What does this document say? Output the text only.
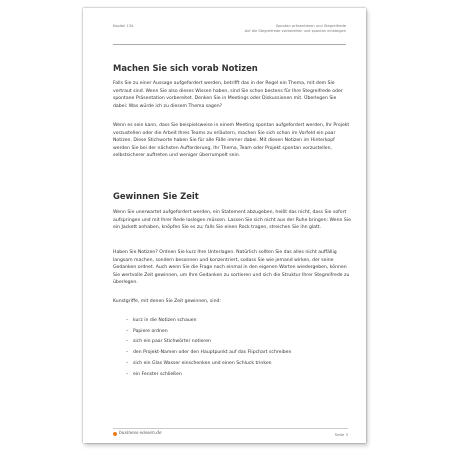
Kapitel 134	Spontan präsentieren und Stegreifrede
Auf die Stegreifrede vorbereiten und spontan einsteigen
Machen Sie sich vorab Notizen

Falls Sie zu einer Aussage aufgefordert werden, betrifft das in der Regel ein Thema, mit dem Sie vertraut sind. Wenn Sie also dieses Wissen haben, sind Sie schon bestens für Ihre Stegreifrede oder spontane Präsentation vorbereitet. Denken Sie in Meetings oder Diskussionen mit. Überlegen Sie dabei: Was würde ich zu diesem Thema sagen?

Wenn es sein kann, dass Sie beispielsweise in einem Meeting spontan aufgefordert werden, Ihr Projekt vorzustellen oder die Arbeit Ihres Teams zu erläutern, machen Sie sich schon im Vorfeld ein paar Notizen. Diese Stichworte haben Sie für alle Fälle immer dabei. Mit diesen Notizen im Hinterkopf werden Sie bei der nächsten Aufforderung, Ihr Thema, Team oder Projekt spontan vorzustellen, selbstsicherer auftreten und weniger überrumpelt sein.

Gewinnen Sie Zeit

Wenn Sie unerwartet aufgefordert werden, ein Statement abzugeben, heißt das nicht, dass Sie sofort aufspringen und mit Ihrer Rede loslegen müssen. Lassen Sie sich nicht aus der Ruhe bringen: Wenn Sie ein Jackett anhaben, knöpfen Sie es zu; falls Sie einen Rock tragen, streichen Sie ihn glatt.

Haben Sie Notizen? Ordnen Sie kurz Ihre Unterlagen. Natürlich sollten Sie das alles nicht auffällig langsam machen, sondern besonnen und konzentriert, sodass Sie wie jemand wirken, der seine Gedanken ordnet. Auch wenn Sie die Frage noch einmal in den eigenen Worten wiedergeben, können Sie wertvolle Zeit gewinnen, um Ihre Gedanken zu sortieren und sich die Struktur Ihrer Stegreifrede zu überlegen.

Kunstgriffe, mit denen Sie Zeit gewinnen, sind:

–	kurz in die Notizen schauen
–	Papiere ordnen
–	sich ein paar Stichwörter notieren
–	den Projekt-Namen oder den Hauptpunkt auf das Flipchart schreiben
–	sich ein Glas Wasser einschenken und einen Schluck trinken
–	ein Fenster schließen
business-wissen.de	Seite 3
